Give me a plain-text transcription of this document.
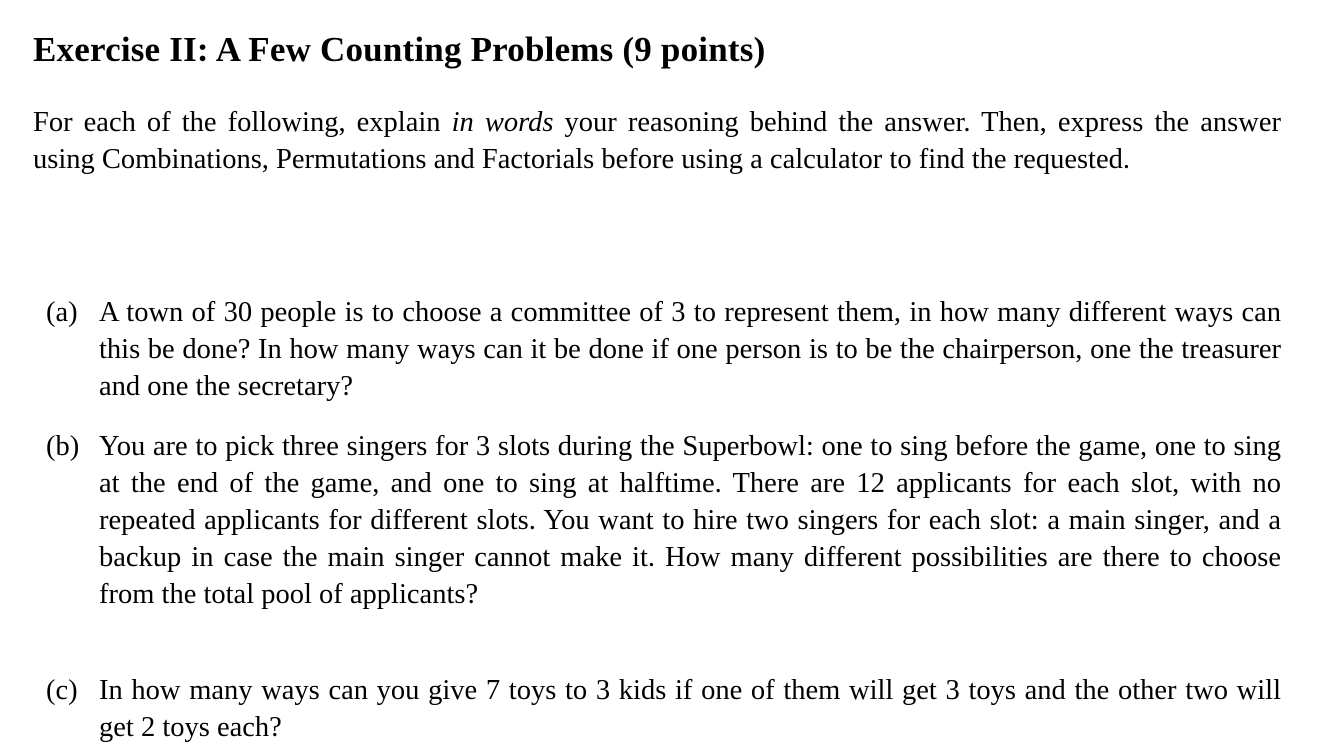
Exercise II: A Few Counting Problems (9 points)

For each of the following, explain in words your reasoning behind the answer. Then, express the answer using Combinations, Permutations and Factorials before using a calculator to find the requested.

(a) A town of 30 people is to choose a committee of 3 to represent them, in how many different ways can this be done? In how many ways can it be done if one person is to be the chairperson, one the treasurer and one the secretary?
(b) You are to pick three singers for 3 slots during the Superbowl: one to sing before the game, one to sing at the end of the game, and one to sing at halftime. There are 12 applicants for each slot, with no repeated applicants for different slots. You want to hire two singers for each slot: a main singer, and a backup in case the main singer cannot make it. How many different possibilities are there to choose from the total pool of applicants?
(c) In how many ways can you give 7 toys to 3 kids if one of them will get 3 toys and the other two will get 2 toys each?
